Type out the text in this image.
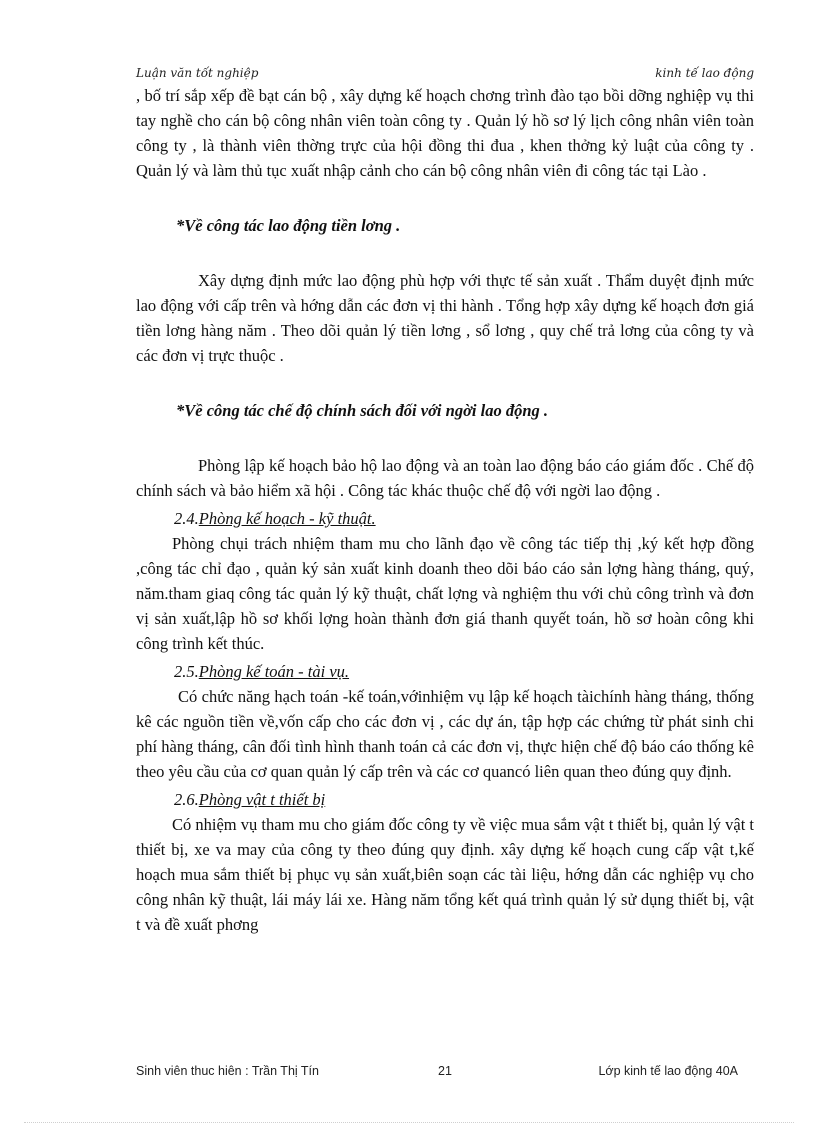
Luận văn tốt nghiệp	kinh tế lao động

, bố trí sắp xếp đề bạt cán bộ , xây dựng kế hoạch chơng trình đào tạo bồi dỡng nghiệp vụ thi tay nghề cho cán bộ công nhân viên toàn công ty . Quản lý hồ sơ lý lịch công nhân viên toàn công ty , là thành viên thờng trực của hội đồng thi đua , khen thởng kỷ luật của công ty . Quản lý và làm thủ tục xuất nhập cảnh cho cán bộ công nhân viên đi công tác tại Lào .

*Về công tác lao động tiền lơng .

Xây dựng định mức lao động phù hợp với thực tế sản xuất . Thẩm duyệt định mức lao động với cấp trên và hớng dẫn các đơn vị thi hành . Tổng hợp xây dựng kế hoạch đơn giá tiền lơng hàng năm . Theo dõi quản lý tiền lơng , sổ lơng , quy chế trả lơng của công ty và các đơn vị trực thuộc .

*Về công tác chế độ chính sách đối với ngời lao động .

Phòng lập kế hoạch bảo hộ lao động và an toàn lao động báo cáo giám đốc . Chế độ chính sách và bảo hiểm xã hội . Công tác khác thuộc chế độ với ngời lao động .

2.4.Phòng kế hoạch - kỹ thuật.

Phòng chụi trách nhiệm tham mu cho lãnh đạo về công tác tiếp thị ,ký kết hợp đồng ,công tác chỉ đạo , quản ký sản xuất kinh doanh theo dõi báo cáo sản lợng hàng tháng, quý, năm.tham giaq công tác quản lý kỹ thuật, chất lợng và nghiệm thu với chủ công trình và đơn vị sản xuất,lập hồ sơ khối lợng hoàn thành đơn giá thanh quyết toán, hồ sơ hoàn công khi công trình kết thúc.

2.5.Phòng kế toán - tài vụ.

Có chức năng hạch toán -kế toán,vớinhiệm vụ lập kế hoạch tàichính hàng tháng, thống kê các nguồn tiền về,vốn cấp cho các đơn vị , các dự án, tập hợp các chứng từ phát sinh chi phí hàng tháng, cân đối tình hình thanh toán cả các đơn vị, thực hiện chế độ báo cáo thống kê theo yêu cầu của cơ quan quản lý cấp trên và các cơ quancó liên quan theo đúng quy định.

2.6.Phòng vật t thiết bị

Có nhiệm vụ tham mu cho giám đốc công ty về việc mua sắm vật t thiết bị, quản lý vật t thiết bị, xe va may của công ty theo đúng quy định. xây dựng kế hoạch cung cấp vật t,kế hoạch mua sắm thiết bị phục vụ sản xuất,biên soạn các tài liệu, hớng dẫn các nghiệp vụ cho công nhân kỹ thuật, lái máy lái xe. Hàng năm tổng kết quá trình quản lý sử dụng thiết bị, vật t và đề xuất phơng

Sinh viên thuc hiên : Trần Thị Tín	21	Lớp kinh tế lao động 40A
